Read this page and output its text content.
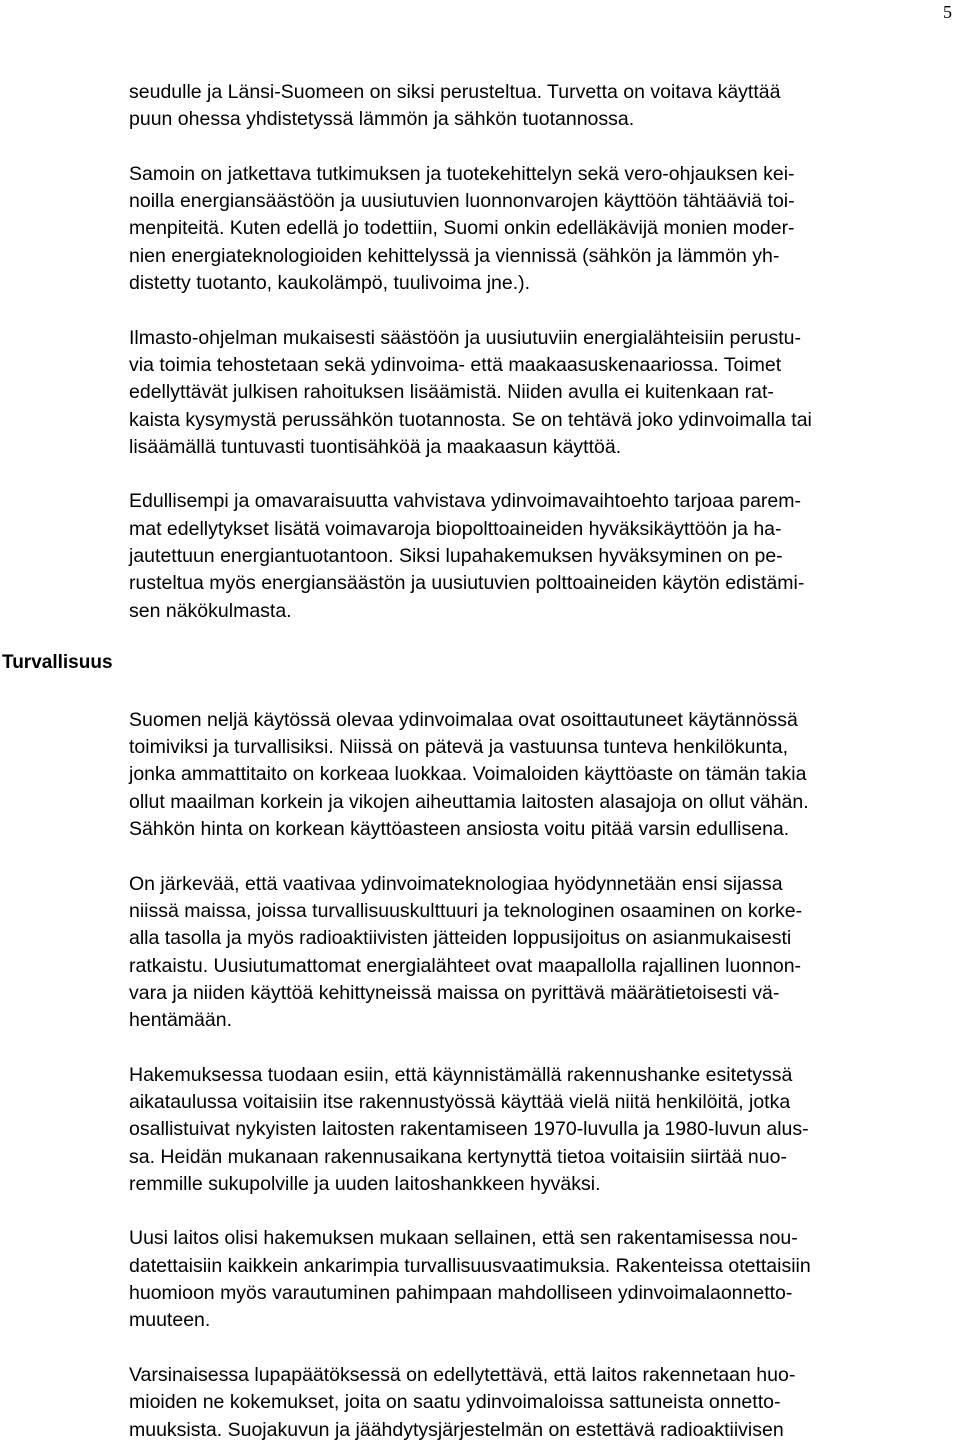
5
Turvallisuus
seudulle ja Länsi-Suomeen on siksi perusteltua. Turvetta on voitava käyttää
puun ohessa yhdistetyssä lämmön ja sähkön tuotannossa.
Samoin on jatkettava tutkimuksen ja tuotekehittelyn sekä vero-ohjauksen kei-
noilla energiansäästöön ja uusiutuvien luonnonvarojen käyttöön tähtääviä toi-
menpiteitä. Kuten edellä jo todettiin, Suomi onkin edelläkävijä monien moder-
nien energiateknologioiden kehittelyssä ja viennissä (sähkön ja lämmön yh-
distetty tuotanto, kaukolämpö, tuulivoima jne.).
Ilmasto-ohjelman mukaisesti säästöön ja uusiutuviin energialähteisiin perustu-
via toimia tehostetaan sekä ydinvoima- että maakaasuskenaariossa. Toimet
edellyttävät julkisen rahoituksen lisäämistä. Niiden avulla ei kuitenkaan rat-
kaista kysymystä perussähkön tuotannosta. Se on tehtävä joko ydinvoimalla tai
lisäämällä tuntuvasti tuontisähköä ja maakaasun käyttöä.
Edullisempi ja omavaraisuutta vahvistava ydinvoimavaihtoehto tarjoaa parem-
mat edellytykset lisätä voimavaroja biopolttoaineiden hyväksikäyttöön ja ha-
jautettuun energiantuotantoon. Siksi lupahakemuksen hyväksyminen on pe-
rusteltua myös energiansäästön ja uusiutuvien polttoaineiden käytön edistämi-
sen näkökulmasta.
Suomen neljä käytössä olevaa ydinvoimalaa ovat osoittautuneet käytännössä
toimiviksi ja turvallisiksi. Niissä on pätevä ja vastuunsa tunteva henkilökunta,
jonka ammattitaito on korkeaa luokkaa. Voimaloiden käyttöaste on tämän takia
ollut maailman korkein ja vikojen aiheuttamia laitosten alasajoja on ollut vähän.
Sähkön hinta on korkean käyttöasteen ansiosta voitu pitää varsin edullisena.
On järkevää, että vaativaa ydinvoimateknologiaa hyödynnetään ensi sijassa
niissä maissa, joissa turvallisuuskulttuuri ja teknologinen osaaminen on korke-
alla tasolla ja myös radioaktiivisten jätteiden loppusijoitus on asianmukaisesti
ratkaistu. Uusiutumattomat energialähteet ovat maapallolla rajallinen luonnon-
vara ja niiden käyttöä kehittyneissä maissa on pyrittävä määrätietoisesti vä-
hentämään.
Hakemuksessa tuodaan esiin, että käynnistämällä rakennushanke esitetyssä
aikataulussa voitaisiin itse rakennustyössä käyttää vielä niitä henkilöitä, jotka
osallistuivat nykyisten laitosten rakentamiseen 1970-luvulla ja 1980-luvun alus-
sa. Heidän mukanaan rakennusaikana kertynyttä tietoa voitaisiin siirtää nuo-
remmille sukupolville ja uuden laitoshankkeen hyväksi.
Uusi laitos olisi hakemuksen mukaan sellainen, että sen rakentamisessa nou-
datettaisiin kaikkein ankarimpia turvallisuusvaatimuksia. Rakenteissa otettaisiin
huomioon myös varautuminen pahimpaan mahdolliseen ydinvoimalaonnetto-
muuteen.
Varsinaisessa lupapäätöksessä on edellytettävä, että laitos rakennetaan huo-
mioiden ne kokemukset, joita on saatu ydinvoimaloissa sattuneista onnetto-
muuksista. Suojakuvun ja jäähdytysjärjestelmän on estettävä radioaktiivisen
